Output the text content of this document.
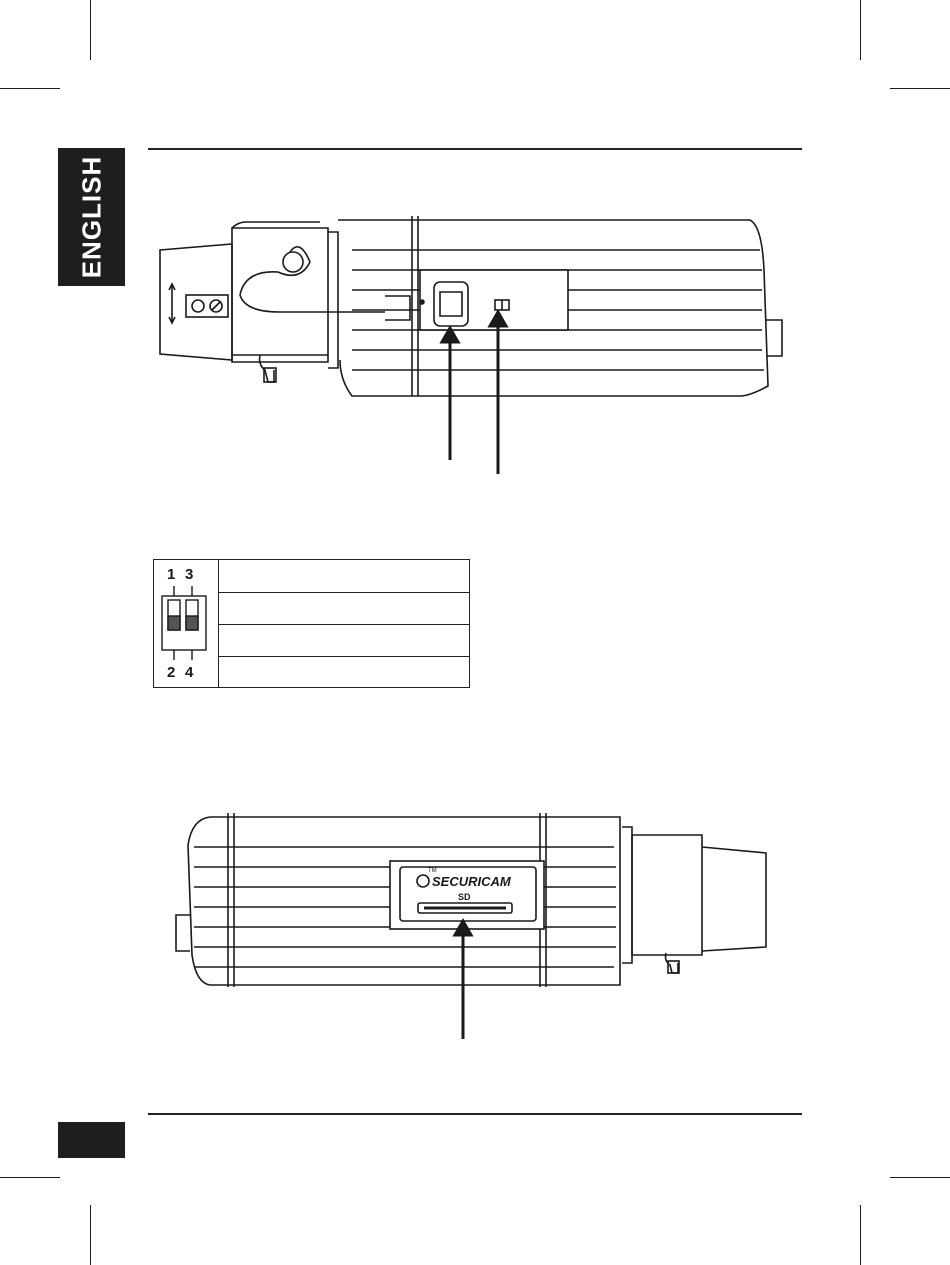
ENGLISH
1 3
2 4
SECURICAM
TM
SD
